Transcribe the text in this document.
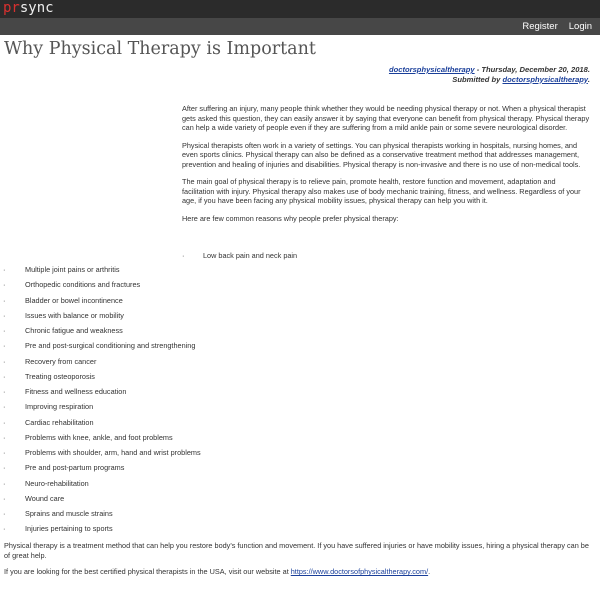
prsync
Register Login
Why Physical Therapy is Important
doctorsphysicaltherapy - Thursday, December 20, 2018.
Submitted by doctorsphysicaltherapy.

After suffering an injury, many people think whether they would be needing physical therapy or not. When a physical therapist gets asked this question, they can easily answer it by saying that everyone can benefit from physical therapy. Physical therapy can help a wide variety of people even if they are suffering from a mild ankle pain or some severe neurological disorder.

Physical therapists often work in a variety of settings. You can physical therapists working in hospitals, nursing homes, and even sports clinics. Physical therapy can also be defined as a conservative treatment method that addresses management, prevention and healing of injuries and disabilities. Physical therapy is non-invasive and there is no use of non-medical tools.

The main goal of physical therapy is to relieve pain, promote health, restore function and movement, adaptation and facilitation with injury. Physical therapy also makes use of body mechanic training, fitness, and wellness. Regardless of your age, if you have been facing any physical mobility issues, physical therapy can help you with it.

Here are few common reasons why people prefer physical therapy:

·	Low back pain and neck pain
·	Multiple joint pains or arthritis
·	Orthopedic conditions and fractures
·	Bladder or bowel incontinence
·	Issues with balance or mobility
·	Chronic fatigue and weakness
·	Pre and post-surgical conditioning and strengthening
·	Recovery from cancer
·	Treating osteoporosis
·	Fitness and wellness education
·	Improving respiration
·	Cardiac rehabilitation
·	Problems with knee, ankle, and foot problems
·	Problems with shoulder, arm, hand and wrist problems
·	Pre and post-partum programs
·	Neuro-rehabilitation
·	Wound care
·	Sprains and muscle strains
·	Injuries pertaining to sports

Physical therapy is a treatment method that can help you restore body's function and movement. If you have suffered injuries or have mobility issues, hiring a physical therapy can be of great help.

If you are looking for the best certified physical therapists in the USA, visit our website at https://www.doctorsofphysicaltherapy.com/.
